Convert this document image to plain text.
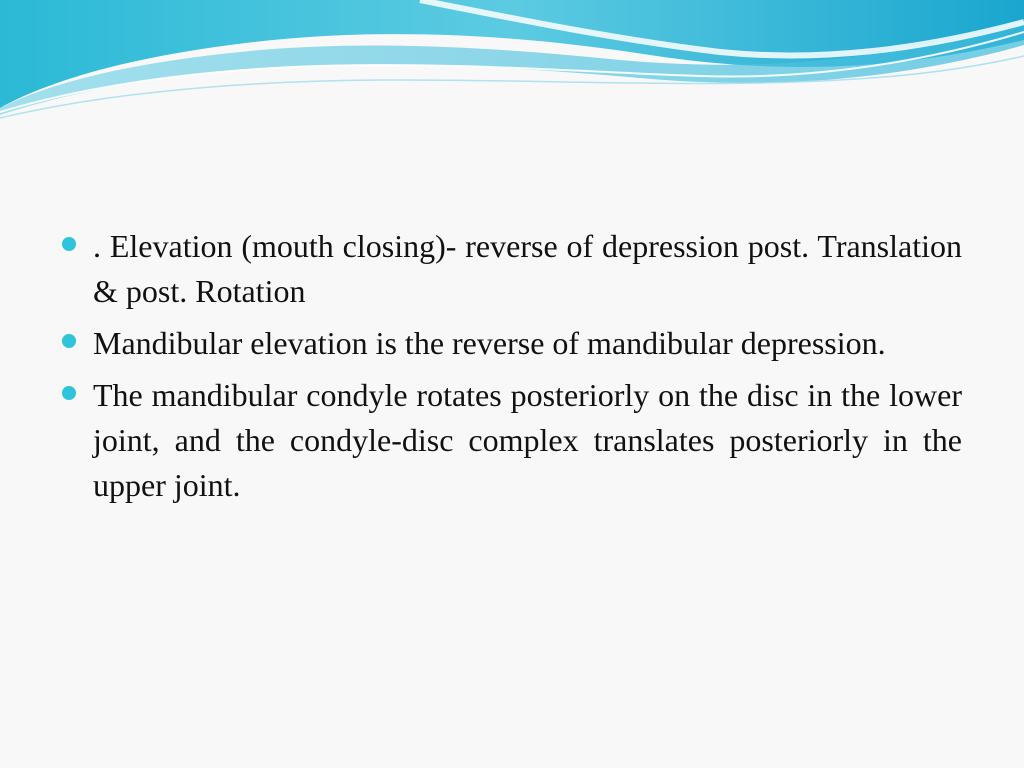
. Elevation (mouth closing)- reverse of depression post. Translation & post. Rotation
Mandibular elevation is the reverse of mandibular depression.
The mandibular condyle rotates posteriorly on the disc in the lower joint, and the condyle-disc complex translates posteriorly in the upper joint.
